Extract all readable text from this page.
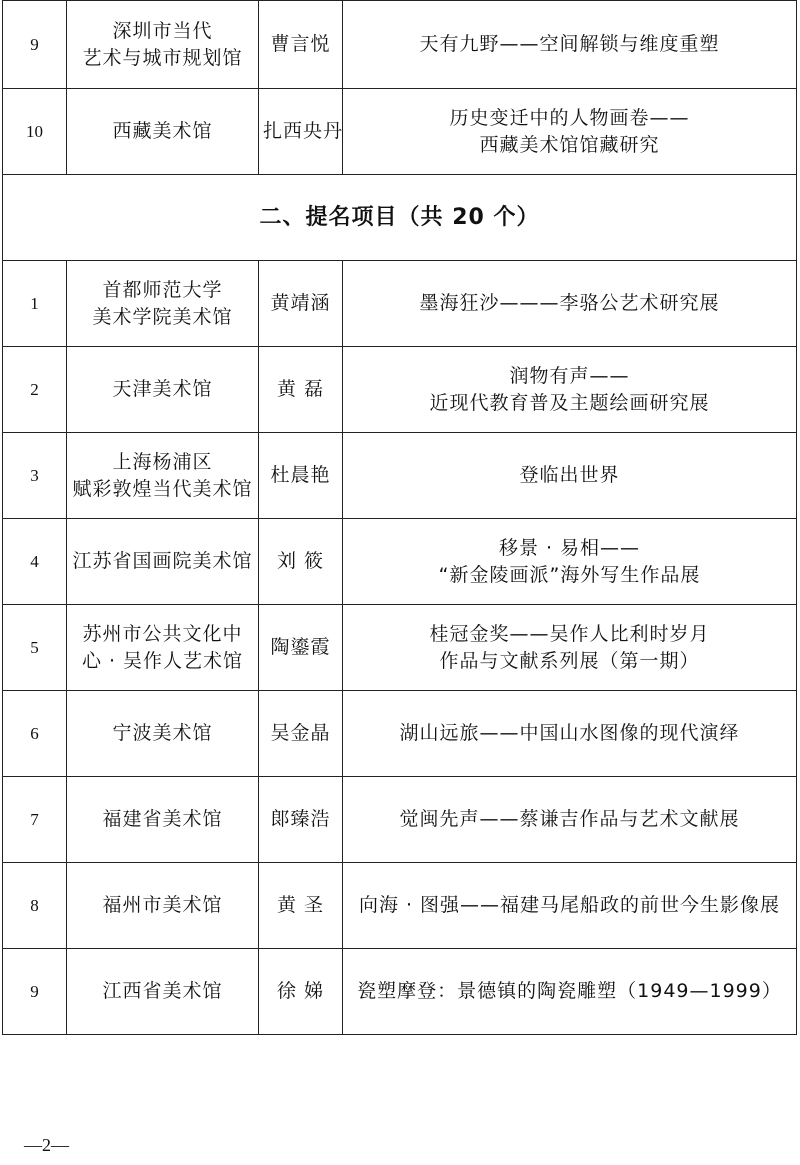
9	深圳市当代
艺术与城市规划馆	曹言悦	天有九野——空间解锁与维度重塑

10	西藏美术馆	扎西央丹	历史变迁中的人物画卷——
西藏美术馆馆藏研究

二、提名项目（共 20 个）			
1	首都师范大学
美术学院美术馆	黄靖涵	墨海狂沙———李骆公艺术研究展

2	天津美术馆	黄 磊	润物有声——
近现代教育普及主题绘画研究展

3	上海杨浦区
赋彩敦煌当代美术馆	杜晨艳	登临出世界

4	江苏省国画院美术馆	刘 筱	移景 · 易相——
“新金陵画派”海外写生作品展

5	苏州市公共文化中
心 · 吴作人艺术馆	陶鎏霞	桂冠金奖——吴作人比利时岁月
作品与文献系列展（第一期）

6	宁波美术馆	吴金晶	湖山远旅——中国山水图像的现代演绎

7	福建省美术馆	郞臻浩	觉闽先声——蔡谦吉作品与艺术文献展

8	福州市美术馆	黄 圣	向海 · 图强——福建马尾船政的前世今生影像展

9	江西省美术馆	徐 娣	瓷塑摩登：景德镇的陶瓷雕塑（1949—1999）
—2—
